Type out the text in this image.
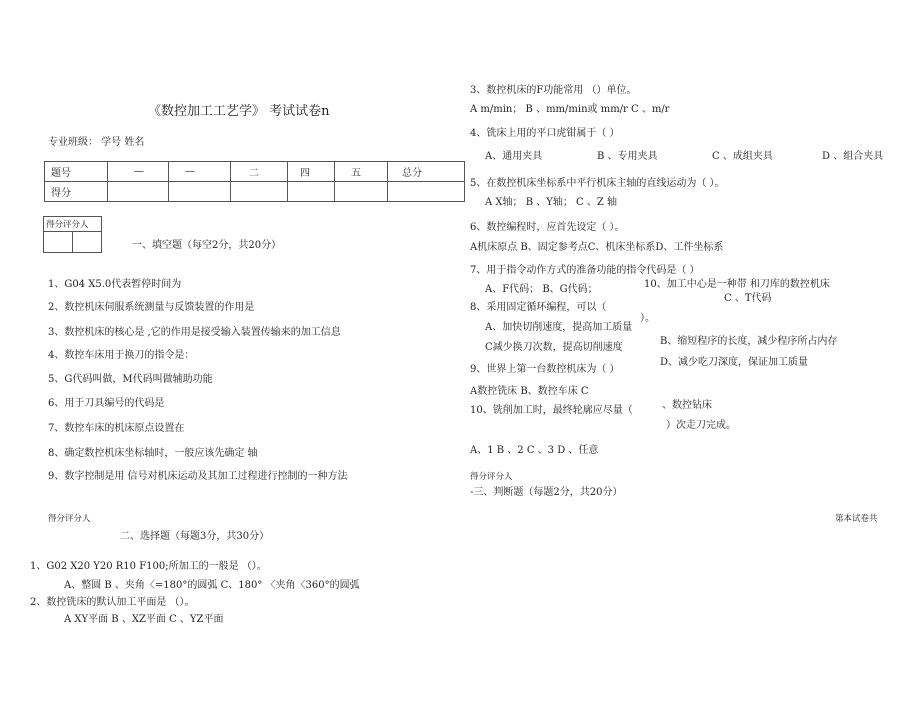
《数控加工工艺学》 考试试卷n
专业班级： 学号 姓名
题号	—	—	二	四	五	总分
得分						
得分评分人

一、填空题（每空2分，共20分）
1、G04 X5.0代表暂停时间为
2、数控机床伺服系统测量与反馈装置的作用是
3、数控机床的核心是 ,它的作用是接受输入装置传输来的加工信息
4、数控车床用于换刀的指令是：
5、G代码叫做，M代码叫做辅助功能
6、用于刀具编号的代码是
7、数控车床的机床原点设置在
8、确定数控机床坐标轴时，一般应该先确定 轴
9、数字控制是用 信号对机床运动及其加工过程进行控制的一种方法
得分评分人
二、选择题（每题3分，共30分）
1、G02 X20 Y20 R10 F100;所加工的一般是 （）。
A、整圆 B 、夹角〈=180°的圆弧 C、180° 〈夹角〈360°的圆弧
2、数控铣床的默认加工平面是 （）。
A XY平面 B 、XZ平面 C 、YZ平面
3、数控机床的F功能常用 （）单位。
A m/min； B 、mm/min或 mm/r C 、m/r
4、铣床上用的平口虎钳属于（ ）
A、通用夹具	B 、专用夹具	C 、成组夹具	D 、组合夹具
5、在数控机床坐标系中平行机床主轴的直线运动为（ ）。
A X轴； B 、Y轴； C 、Z 轴
6、数控编程时，应首先设定（ ）。
A机床原点 B、固定参考点C、机床坐标系D、工件坐标系
7、用于指令动作方式的准备功能的指令代码是（ ）
A、F代码； B、G代码；	10、加工中心是一种带 和刀库的数控机床
C 、T代码
8、采用固定循环编程，可以（
）。
A、加快切削速度，提高加工质量
B、缩短程序的长度，减少程序所占内存
C减少换刀次数，提高切削速度
D、减少吃刀深度，保证加工质量
9、世界上第一台数控机床为（ ）
A数控铣床 B、数控车床 C
、数控钻床
10、铣削加工时，最终轮廓应尽量（
）次走刀完成。
A、1 B 、2 C 、3 D 、任意
得分评分人
-三、判断题（每题2分，共20分）
第本试卷共
